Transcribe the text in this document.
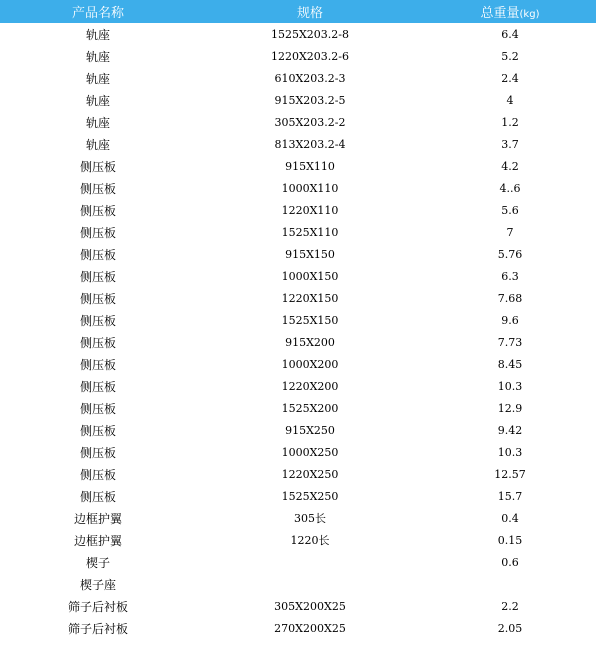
产品名称	规格	总重量(kg)
轨座	1525X203.2-8	6.4
轨座	1220X203.2-6	5.2
轨座	610X203.2-3	2.4
轨座	915X203.2-5	4
轨座	305X203.2-2	1.2
轨座	813X203.2-4	3.7
侧压板	915X110	4.2
侧压板	1000X110	4..6
侧压板	1220X110	5.6
侧压板	1525X110	7
侧压板	915X150	5.76
侧压板	1000X150	6.3
侧压板	1220X150	7.68
侧压板	1525X150	9.6
侧压板	915X200	7.73
侧压板	1000X200	8.45
侧压板	1220X200	10.3
侧压板	1525X200	12.9
侧压板	915X250	9.42
侧压板	1000X250	10.3
侧压板	1220X250	12.57
侧压板	1525X250	15.7
边框护翼	305长	0.4
边框护翼	1220长	0.15
楔子		0.6
楔子座		
筛子后衬板	305X200X25	2.2
筛子后衬板	270X200X25	2.05
